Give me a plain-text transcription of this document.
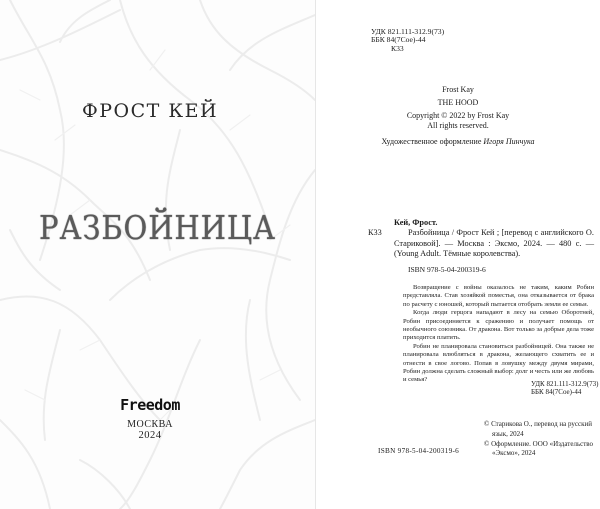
ФРОСТ КЕЙ
РАЗБОЙНИЦА
Freedom
МОСКВА
2024
УДК 821.111-312.9(73)
ББК 84(7Сое)-44
К33
Frost Kay
THE HOOD
Copyright © 2022 by Frost Kay
All rights reserved.
Художественное оформление Игоря Пинчука
Кей, Фрост.
К33	Разбойница / Фрост Кей ; [перевод с английского О. Стариковой]. — Москва : Эксмо, 2024. — 480 с. — (Young Adult. Тёмные королевства).
ISBN 978-5-04-200319-6

Возвращение с войны оказалось не таким, каким Робин представляла. Став хозяйкой поместья, она отказывается от брака по расчету с юношей, который пытается отобрать земли ее семьи.

Когда люди герцога нападают в лесу на семью Оборотней, Робин присоединяется к сражению и получает помощь от необычного союзника. От дракона. Вот только за добрые дела тоже приходится платить.

Робин не планировала становиться разбойницей. Она также не планировала влюбляться в дракона, желающего схватить ее и отнести в свое логово. Попав в ловушку между двумя мирами, Робин должна сделать сложный выбор: долг и честь или же любовь и семья?

УДК 821.111-312.9(73)
ББК 84(7Сое)-44
© Старикова О., перевод на русский
язык, 2024
© Оформление. ООО «Издательство
«Эксмо», 2024
ISBN 978-5-04-200319-6
